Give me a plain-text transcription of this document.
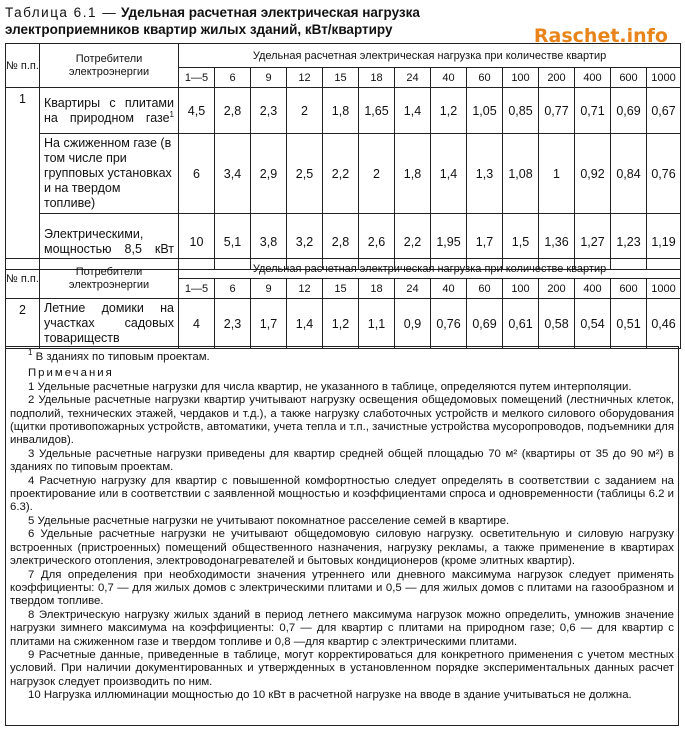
Таблица 6.1 — Удельная расчетная электрическая нагрузка электроприемников квартир жилых зданий, кВт/квартиру	Raschet.info
№ п.п.	Потребители электроэнергии	Удельная расчетная электрическая нагрузка при количестве квартир													
		1—5	6	9	12	15	18	24	40	60	100	200	400	600	1000
1	Квартиры с плитами на природном газе$^1$	4,5	2,8	2,3	2	1,8	1,65	1,4	1,2	1,05	0,85	0,77	0,71	0,69	0,67
	На сжиженном газе (в том числе при групповых установках и на твердом топливе)	6	3,4	2,9	2,5	2,2	2	1,8	1,4	1,3	1,08	1	0,92	0,84	0,76
	Электрическими, мощностью 8,5 кВт	10	5,1	3,8	3,2	2,8	2,6	2,2	1,95	1,7	1,5	1,36	1,27	1,23	1,19
№ п.п.	Потребители электроэнергии	Удельная расчетная электрическая нагрузка при количестве квартир													
		1—5	6	9	12	15	18	24	40	60	100	200	400	600	1000
2	Летние домики на участках садовых товариществ	4	2,3	1,7	1,4	1,2	1,1	0,9	0,76	0,69	0,61	0,58	0,54	0,51	0,46

$^1$ В зданиях по типовым проектам.

Примечания

1 Удельные расчетные нагрузки для числа квартир, не указанного в таблице, определяются путем интерполяции.

2 Удельные расчетные нагрузки квартир учитывают нагрузку освещения общедомовых помещений (лестничных клеток, подполий, технических этажей, чердаков и т.д.), а также нагрузку слаботочных устройств и мелкого силового оборудования (щитки противопожарных устройств, автоматики, учета тепла и т.п., зачистные устройства мусоропроводов, подъемники для инвалидов).

3 Удельные расчетные нагрузки приведены для квартир средней общей площадью 70 м² (квартиры от 35 до 90 м²) в зданиях по типовым проектам.

4 Расчетную нагрузку для квартир с повышенной комфортностью следует определять в соответствии с заданием на проектирование или в соответствии с заявленной мощностью и коэффициентами спроса и одновременности (таблицы 6.2 и 6.3).

5 Удельные расчетные нагрузки не учитывают покомнатное расселение семей в квартире.

6 Удельные расчетные нагрузки не учитывают общедомовую силовую нагрузку. осветительную и силовую нагрузку встроенных (пристроенных) помещений общественного назначения, нагрузку рекламы, а также применение в квартирах электрического отопления, электроводонагревателей и бытовых кондиционеров (кроме элитных квартир).

7 Для определения при необходимости значения утреннего или дневного максимума нагрузок следует применять коэффициенты: 0,7 — для жилых домов с электрическими плитами и 0,5 — для жилых домов с плитами на газообразном и твердом топливе.

8 Электрическую нагрузку жилых зданий в период летнего максимума нагрузок можно определить, умножив значение нагрузки зимнего максимума на коэффициенты: 0,7 — для квартир с плитами на природном газе; 0,6 — для квартир с плитами на сжиженном газе и твердом топливе и 0,8 —для квартир с электрическими плитами.

9 Расчетные данные, приведенные в таблице, могут корректироваться для конкретного применения с учетом местных условий. При наличии документированных и утвержденных в установленном порядке экспериментальных данных расчет нагрузок следует производить по ним.

10 Нагрузка иллюминации мощностью до 10 кВт в расчетной нагрузке на вводе в здание учитываться не должна.
